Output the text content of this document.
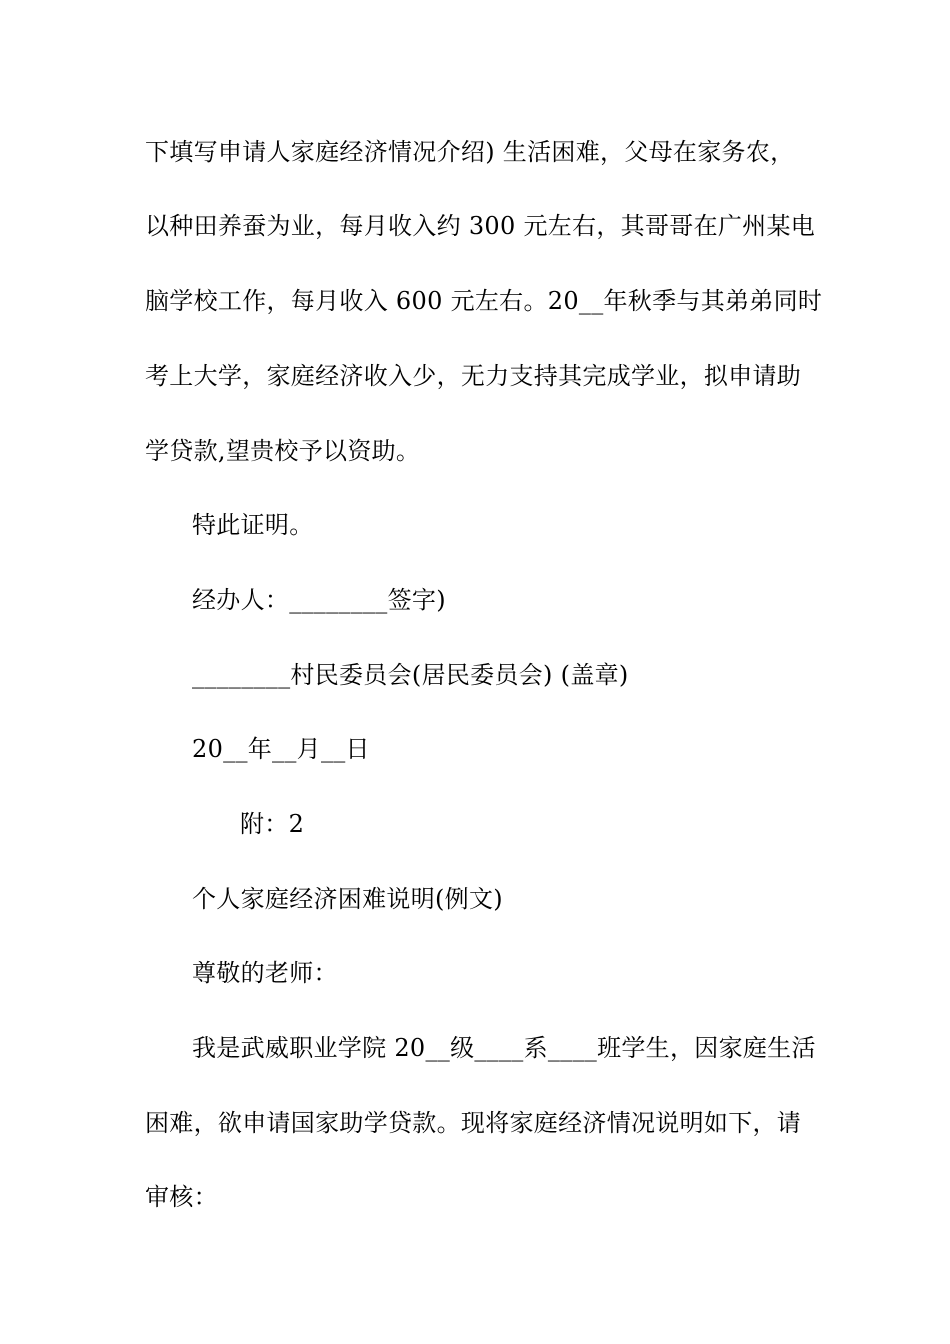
下填写申请人家庭经济情况介绍) 生活困难，父母在家务农，
以种田养蚕为业，每月收入约 300 元左右，其哥哥在广州某电
脑学校工作，每月收入 600 元左右。20__年秋季与其弟弟同时
考上大学，家庭经济收入少，无力支持其完成学业，拟申请助
学贷款,望贵校予以资助。
特此证明。
经办人：________签字)
________村民委员会(居民委员会) (盖章)
20__年__月__日
附：2
个人家庭经济困难说明(例文)
尊敬的老师：
我是武威职业学院 20__级____系____班学生，因家庭生活
困难，欲申请国家助学贷款。现将家庭经济情况说明如下，请
审核：
